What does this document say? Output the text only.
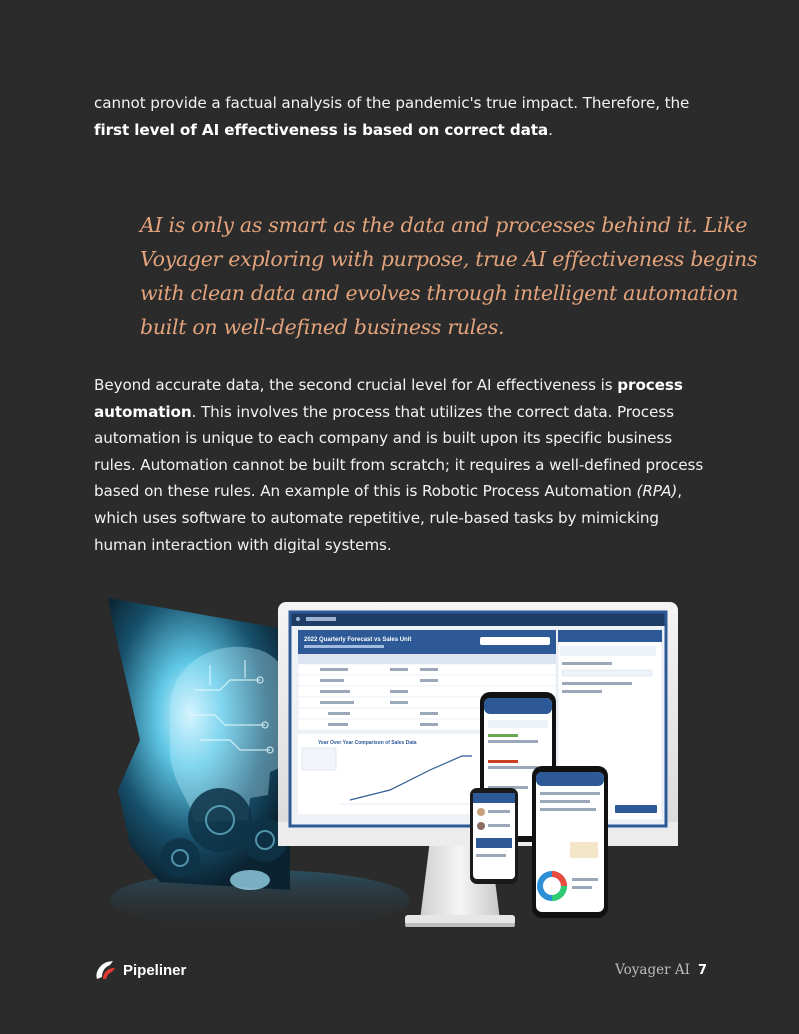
cannot provide a factual analysis of the pandemic's true impact. Therefore, the
first level of AI effectiveness is based on correct data.
AI is only as smart as the data and processes behind it. Like
Voyager exploring with purpose, true AI effectiveness begins
with clean data and evolves through intelligent automation
built on well-defined business rules.
Beyond accurate data, the second crucial level for AI effectiveness is process
automation. This involves the process that utilizes the correct data. Process
automation is unique to each company and is built upon its specific business
rules. Automation cannot be built from scratch; it requires a well-defined process
based on these rules. An example of this is Robotic Process Automation (RPA),
which uses software to automate repetitive, rule-based tasks by mimicking
human interaction with digital systems.
2022 Quarterly Forecast vs Sales Unit
Year Over Year Comparison of Sales Data
Pipeliner	Voyager AI 7
